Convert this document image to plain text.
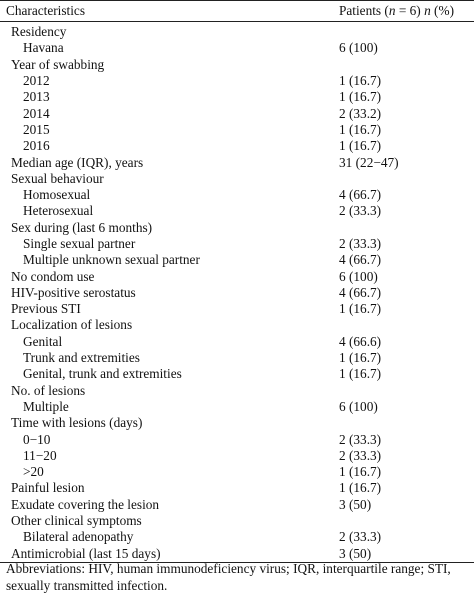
Characteristics	Patients (n = 6) n (%)
Residency
Havana	6 (100)
Year of swabbing
2012	1 (16.7)
2013	1 (16.7)
2014	2 (33.2)
2015	1 (16.7)
2016	1 (16.7)
Median age (IQR), years	31 (22−47)
Sexual behaviour
Homosexual	4 (66.7)
Heterosexual	2 (33.3)
Sex during (last 6 months)
Single sexual partner	2 (33.3)
Multiple unknown sexual partner	4 (66.7)
No condom use	6 (100)
HIV-positive serostatus	4 (66.7)
Previous STI	1 (16.7)
Localization of lesions
Genital	4 (66.6)
Trunk and extremities	1 (16.7)
Genital, trunk and extremities	1 (16.7)
No. of lesions
Multiple	6 (100)
Time with lesions (days)
0−10	2 (33.3)
11−20	2 (33.3)
>20	1 (16.7)
Painful lesion	1 (16.7)
Exudate covering the lesion	3 (50)
Other clinical symptoms
Bilateral adenopathy	2 (33.3)
Antimicrobial (last 15 days)	3 (50)
Abbreviations: HIV, human immunodeficiency virus; IQR, interquartile range; STI, sexually transmitted infection.
